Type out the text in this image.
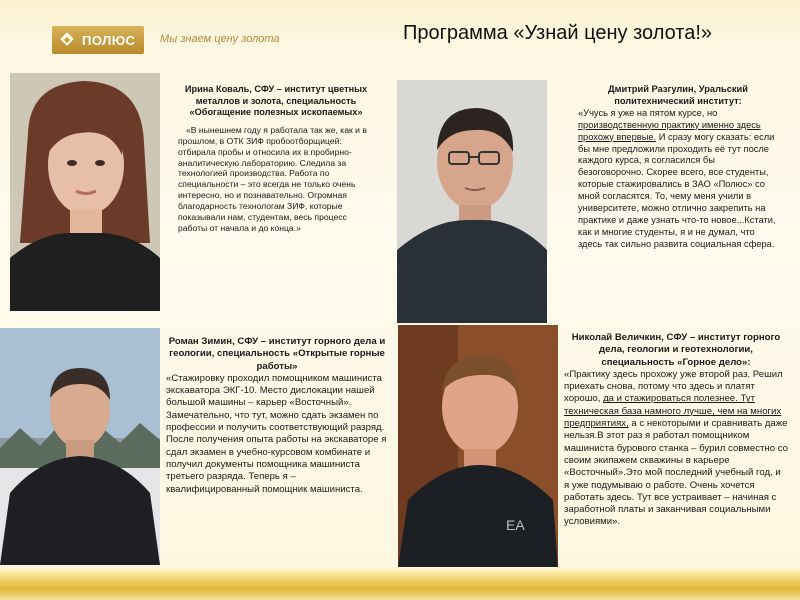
ПОЛЮС Мы знаем цену золота	Программа «Узнай цену золота!»
Ирина Коваль, СФУ – институт цветных металлов и золота, специальность «Обогащение полезных ископаемых»
«В нынешнем году я работала так же, как и в прошлом, в ОТК ЗИФ пробоотборщицей: отбирала пробы и относила их в пробирно-аналитическую лабораторию. Следила за технологией производства. Работа по специальности – это всегда не только очень интересно, но и познавательно. Огромная благодарность технологам ЗИФ, которые показывали нам, студентам, весь процесс работы от начала и до конца.»
Дмитрий Разгулин, Уральский политехнический институт:
«Учусь я уже на пятом курсе, но производственную практику именно здесь прохожу впервые. И сразу могу сказать: если бы мне предложили проходить её тут после каждого курса, я согласился бы безоговорочно. Скорее всего, все студенты, которые стажировались в ЗАО «Полюс» со мной согласятся. То, чему меня учили в университете, можно отлично закрепить на практике и даже узнать что-то новое...Кстати, как и многие студенты, я и не думал, что здесь так сильно развита социальная сфера.
Роман Зимин, СФУ – институт горного дела и геологии, специальность «Открытые горные работы»
«Стажировку проходил помощником машиниста экскаватора ЭКГ-10. Место дислокации нашей большой машины – карьер «Восточный». Замечательно, что тут, можно сдать экзамен по профессии и получить соответствующий разряд. После получения опыта работы на экскаваторе я сдал экзамен в учебно-курсовом комбинате и получил документы помощника машиниста третьего разряда. Теперь я – квалифицированный помощник машиниста.
EA
Николай Величкин, СФУ – институт горного дела, геологии и геотехнологии, специальность «Горное дело»:
«Практику здесь прохожу уже второй раз. Решил приехать снова, потому что здесь и платят хорошо, да и стажироваться полезнее. Тут техническая база намного лучше, чем на многих предприятиях, а с некоторыми и сравнивать даже нельзя.В этот раз я работал помощником машиниста бурового станка – бурил совместно со своим экипажем скважины в карьере «Восточный».Это мой последний учебный год, и я уже подумываю о работе. Очень хочется работать здесь. Тут все устраивает – начиная с заработной платы и заканчивая социальными условиями».
